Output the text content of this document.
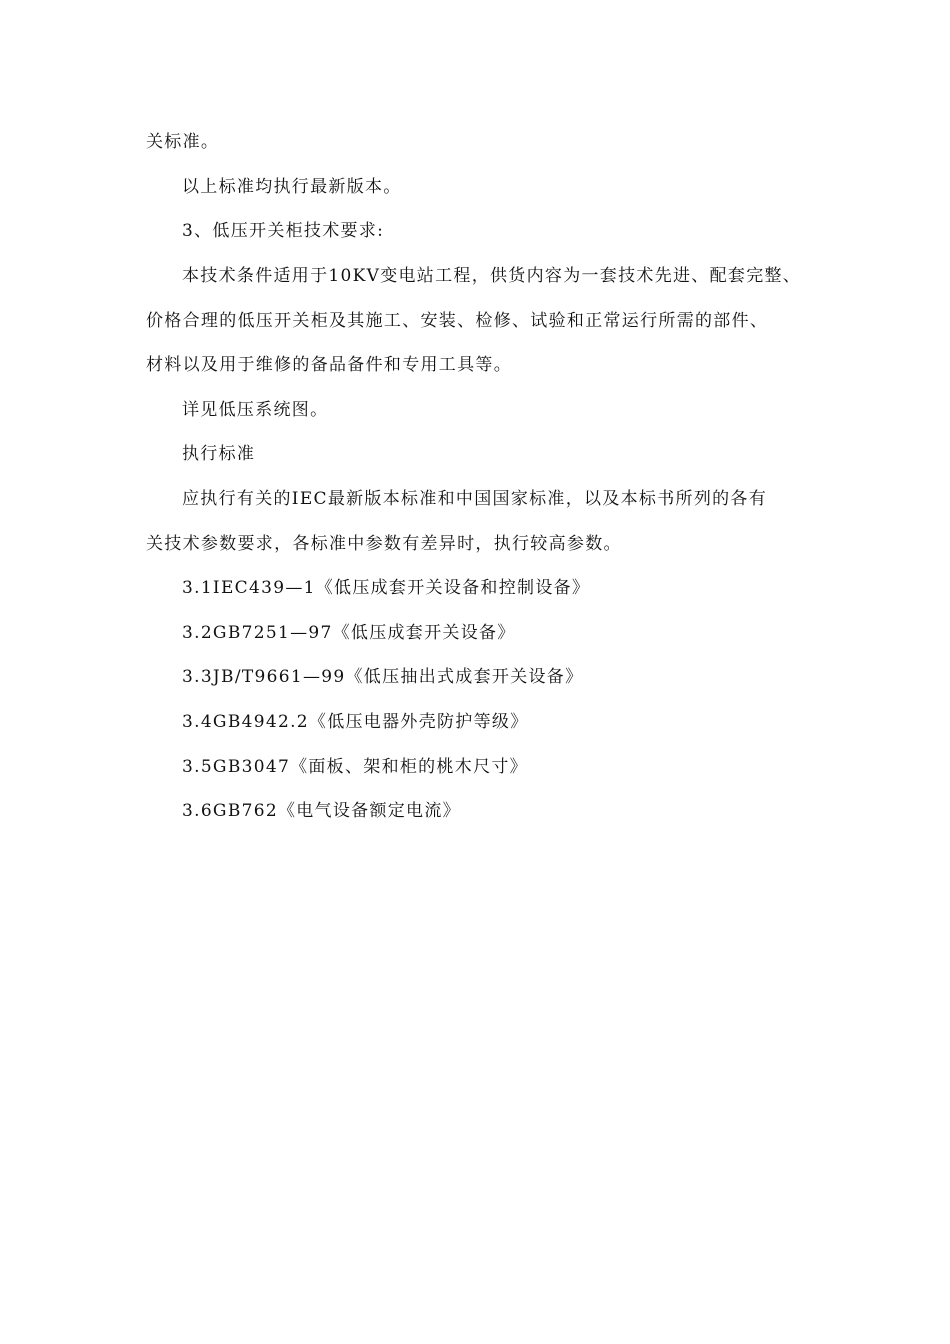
关标准。
以上标准均执行最新版本。
3、低压开关柜技术要求:
本技术条件适用于10KV变电站工程，供货内容为一套技术先进、配套完整、
价格合理的低压开关柜及其施工、安装、检修、试验和正常运行所需的部件、
材料以及用于维修的备品备件和专用工具等。
详见低压系统图。
执行标准
应执行有关的IEC最新版本标准和中国国家标准，以及本标书所列的各有
关技术参数要求，各标准中参数有差异时，执行较高参数。
3.1IEC439—1《低压成套开关设备和控制设备》
3.2GB7251—97《低压成套开关设备》
3.3JB/T9661—99《低压抽出式成套开关设备》
3.4GB4942.2《低压电器外壳防护等级》
3.5GB3047《面板、架和柜的桃木尺寸》
3.6GB762《电气设备额定电流》
